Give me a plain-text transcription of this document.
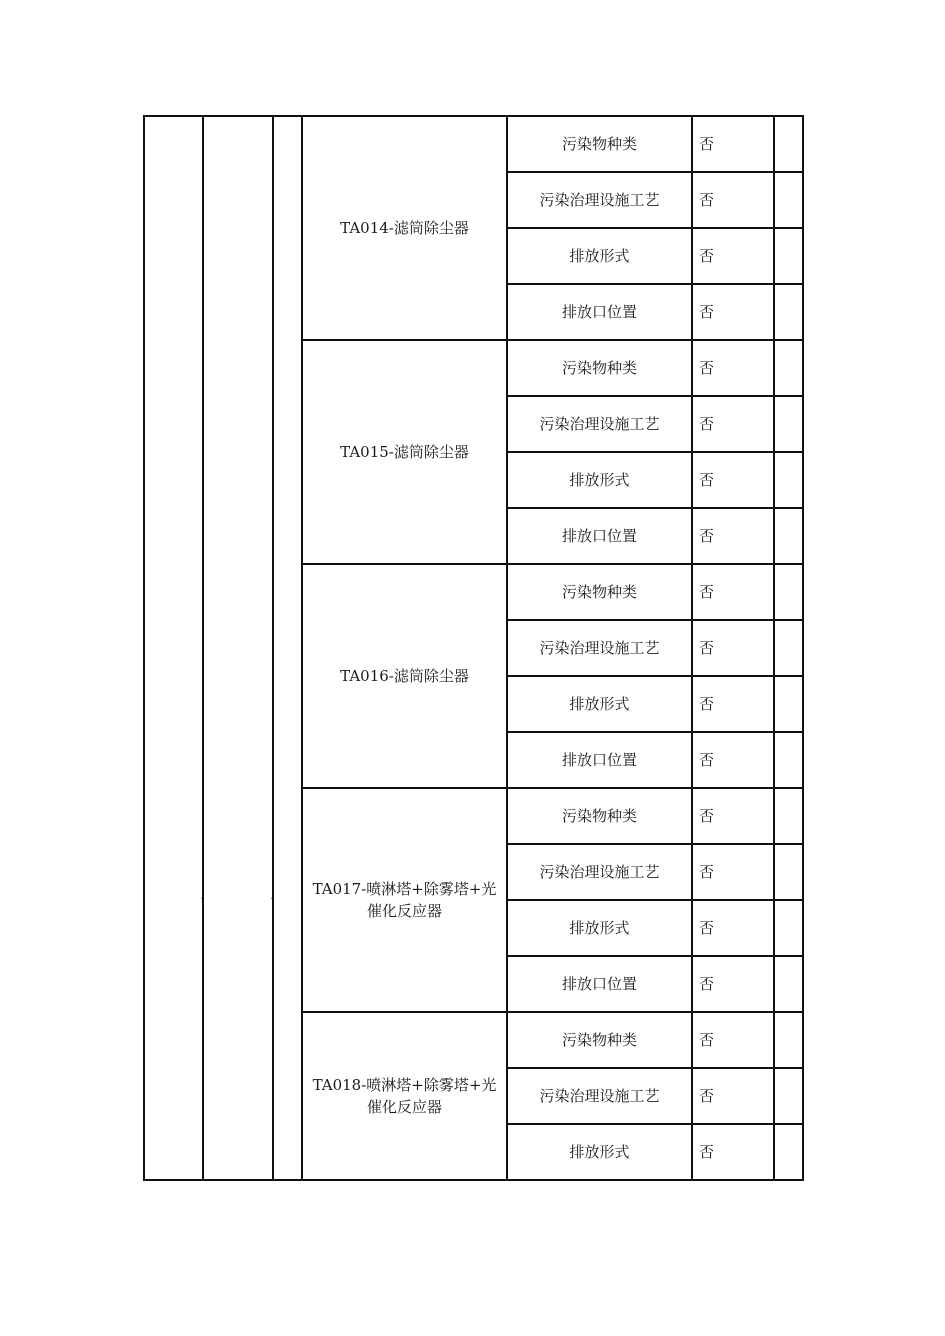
			TA014-滤筒除尘器	污染物种类	否	
				污染治理设施工艺	否	
				排放形式	否	
				排放口位置	否	
			TA015-滤筒除尘器	污染物种类	否	
				污染治理设施工艺	否	
				排放形式	否	
				排放口位置	否	
			TA016-滤筒除尘器	污染物种类	否	
				污染治理设施工艺	否	
				排放形式	否	
				排放口位置	否	
			TA017-喷淋塔+除雾塔+光催化反应器	污染物种类	否	
				污染治理设施工艺	否	
				排放形式	否	
				排放口位置	否	
			TA018-喷淋塔+除雾塔+光催化反应器	污染物种类	否	
				污染治理设施工艺	否	
				排放形式	否	
